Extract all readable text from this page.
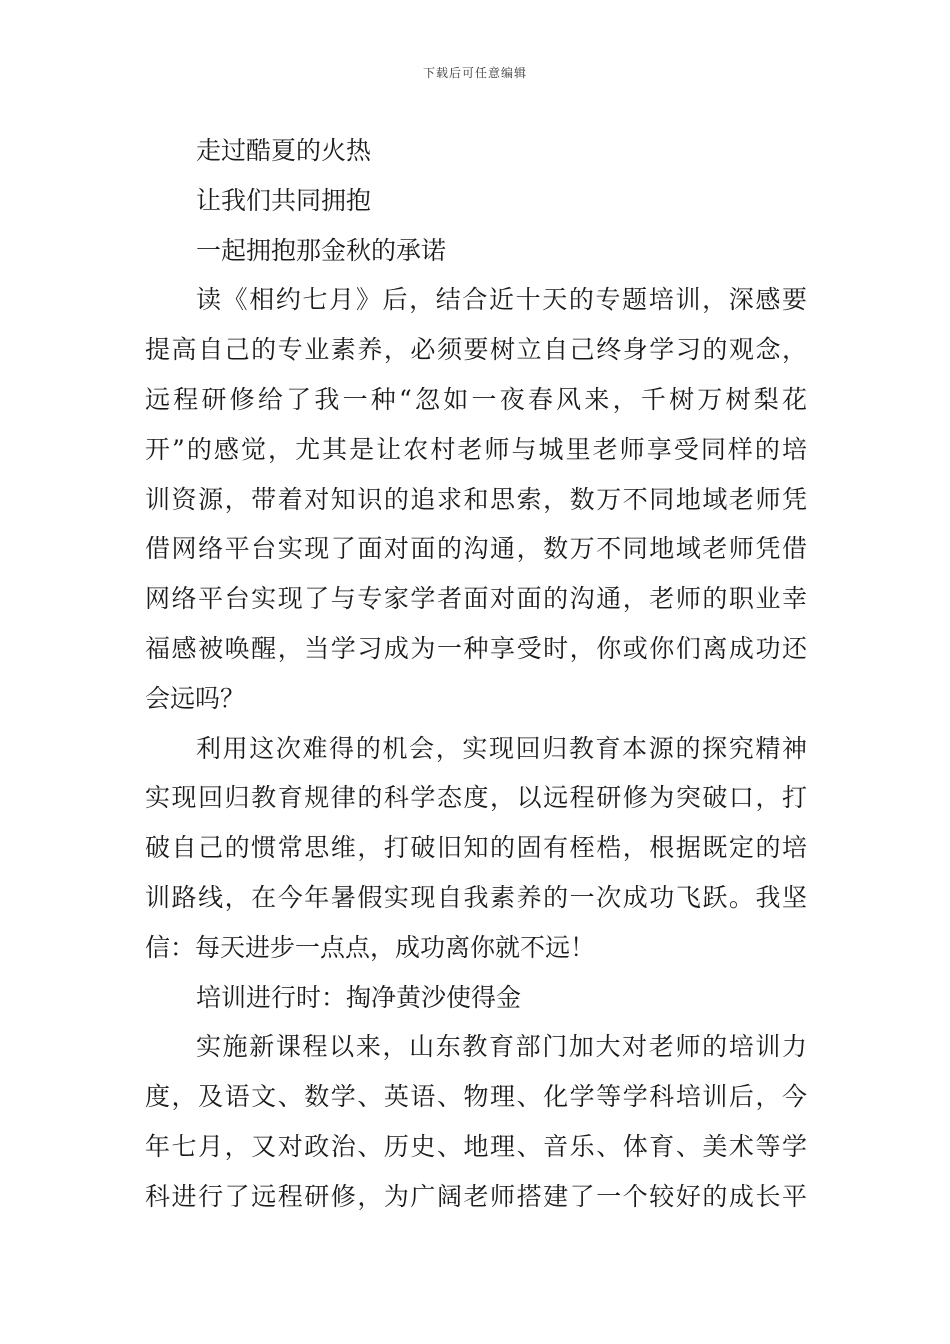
下载后可任意编辑
走过酷夏的火热
让我们共同拥抱
一起拥抱那金秋的承诺
读《相约七月》后，结合近十天的专题培训，深感要
提高自己的专业素养，必须要树立自己终身学习的观念，
远程研修给了我一种“忽如一夜春风来，千树万树梨花
开”的感觉，尤其是让农村老师与城里老师享受同样的培
训资源，带着对知识的追求和思索，数万不同地域老师凭
借网络平台实现了面对面的沟通，数万不同地域老师凭借
网络平台实现了与专家学者面对面的沟通，老师的职业幸
福感被唤醒，当学习成为一种享受时，你或你们离成功还
会远吗？
利用这次难得的机会，实现回归教育本源的探究精神
实现回归教育规律的科学态度，以远程研修为突破口，打
破自己的惯常思维，打破旧知的固有桎梏，根据既定的培
训路线，在今年暑假实现自我素养的一次成功飞跃。我坚
信：每天进步一点点，成功离你就不远！
培训进行时：掏净黄沙使得金
实施新课程以来，山东教育部门加大对老师的培训力
度，及语文、数学、英语、物理、化学等学科培训后，今
年七月，又对政治、历史、地理、音乐、体育、美术等学
科进行了远程研修，为广阔老师搭建了一个较好的成长平
